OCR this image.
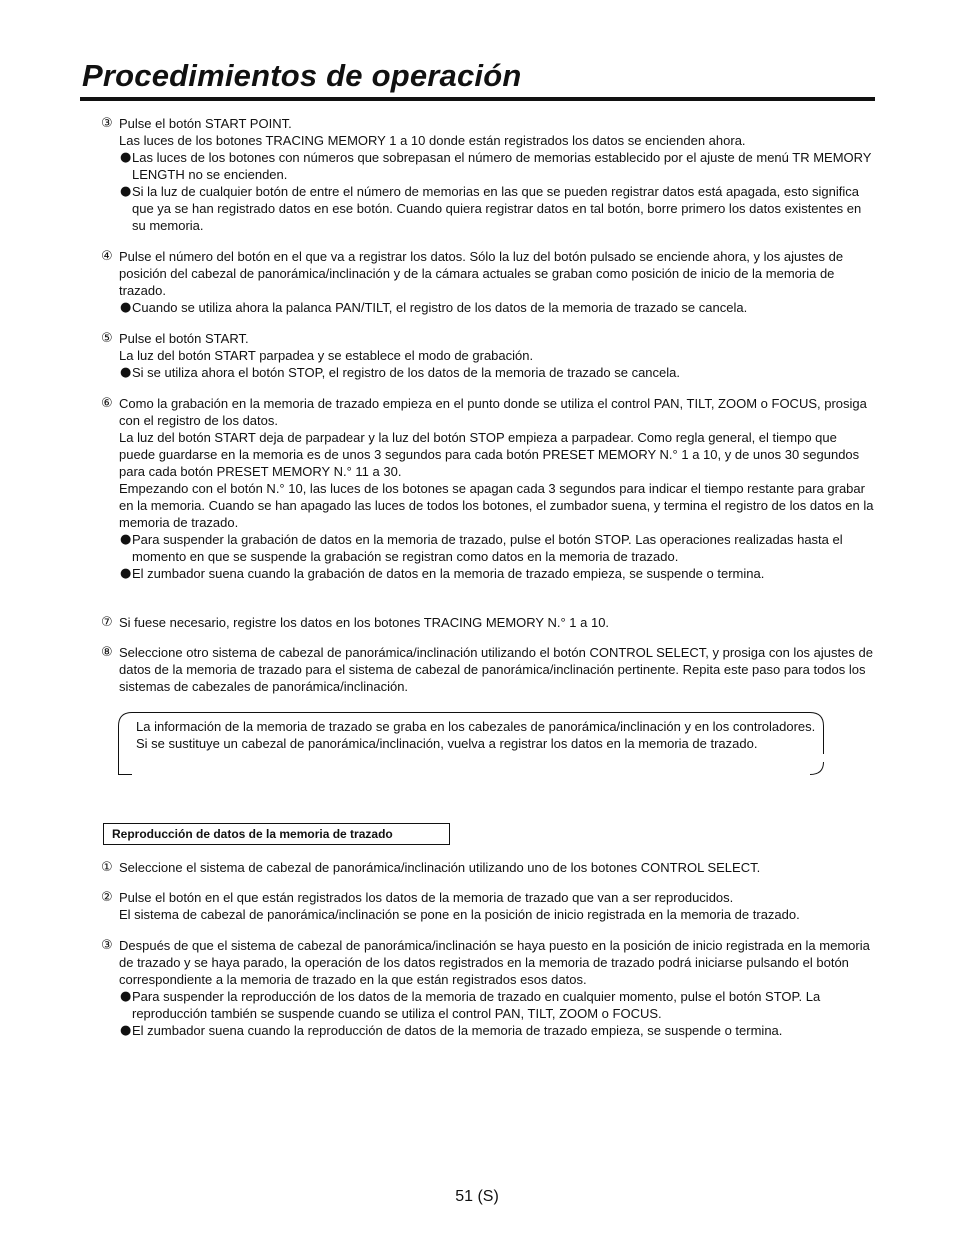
Procedimientos de operación
③ Pulse el botón START POINT.
Las luces de los botones TRACING MEMORY 1 a 10 donde están registrados los datos se encienden ahora.
● Las luces de los botones con números que sobrepasan el número de memorias establecido por el ajuste de menú TR MEMORY LENGTH no se encienden.
● Si la luz de cualquier botón de entre el número de memorias en las que se pueden registrar datos está apagada, esto significa que ya se han registrado datos en ese botón. Cuando quiera registrar datos en tal botón, borre primero los datos existentes en su memoria.
④ Pulse el número del botón en el que va a registrar los datos. Sólo la luz del botón pulsado se enciende ahora, y los ajustes de posición del cabezal de panorámica/inclinación y de la cámara actuales se graban como posición de inicio de la memoria de trazado.
● Cuando se utiliza ahora la palanca PAN/TILT, el registro de los datos de la memoria de trazado se cancela.
⑤ Pulse el botón START.
La luz del botón START parpadea y se establece el modo de grabación.
● Si se utiliza ahora el botón STOP, el registro de los datos de la memoria de trazado se cancela.
⑥ Como la grabación en la memoria de trazado empieza en el punto donde se utiliza el control PAN, TILT, ZOOM o FOCUS, prosiga con el registro de los datos.
La luz del botón START deja de parpadear y la luz del botón STOP empieza a parpadear. Como regla general, el tiempo que puede guardarse en la memoria es de unos 3 segundos para cada botón PRESET MEMORY N.° 1 a 10, y de unos 30 segundos para cada botón PRESET MEMORY N.° 11 a 30.
Empezando con el botón N.° 10, las luces de los botones se apagan cada 3 segundos para indicar el tiempo restante para grabar en la memoria. Cuando se han apagado las luces de todos los botones, el zumbador suena, y termina el registro de los datos en la memoria de trazado.
● Para suspender la grabación de datos en la memoria de trazado, pulse el botón STOP. Las operaciones realizadas hasta el momento en que se suspende la grabación se registran como datos en la memoria de trazado.
● El zumbador suena cuando la grabación de datos en la memoria de trazado empieza, se suspende o termina.
⑦ Si fuese necesario, registre los datos en los botones TRACING MEMORY N.° 1 a 10.
⑧ Seleccione otro sistema de cabezal de panorámica/inclinación utilizando el botón CONTROL SELECT, y prosiga con los ajustes de datos de la memoria de trazado para el sistema de cabezal de panorámica/inclinación pertinente. Repita este paso para todos los sistemas de cabezales de panorámica/inclinación.
La información de la memoria de trazado se graba en los cabezales de panorámica/inclinación y en los controladores.
Si se sustituye un cabezal de panorámica/inclinación, vuelva a registrar los datos en la memoria de trazado.
Reproducción de datos de la memoria de trazado
① Seleccione el sistema de cabezal de panorámica/inclinación utilizando uno de los botones CONTROL SELECT.
② Pulse el botón en el que están registrados los datos de la memoria de trazado que van a ser reproducidos.
El sistema de cabezal de panorámica/inclinación se pone en la posición de inicio registrada en la memoria de trazado.
③ Después de que el sistema de cabezal de panorámica/inclinación se haya puesto en la posición de inicio registrada en la memoria de trazado y se haya parado, la operación de los datos registrados en la memoria de trazado podrá iniciarse pulsando el botón correspondiente a la memoria de trazado en la que están registrados esos datos.
● Para suspender la reproducción de los datos de la memoria de trazado en cualquier momento, pulse el botón STOP. La reproducción también se suspende cuando se utiliza el control PAN, TILT, ZOOM o FOCUS.
● El zumbador suena cuando la reproducción de datos de la memoria de trazado empieza, se suspende o termina.
51 (S)
